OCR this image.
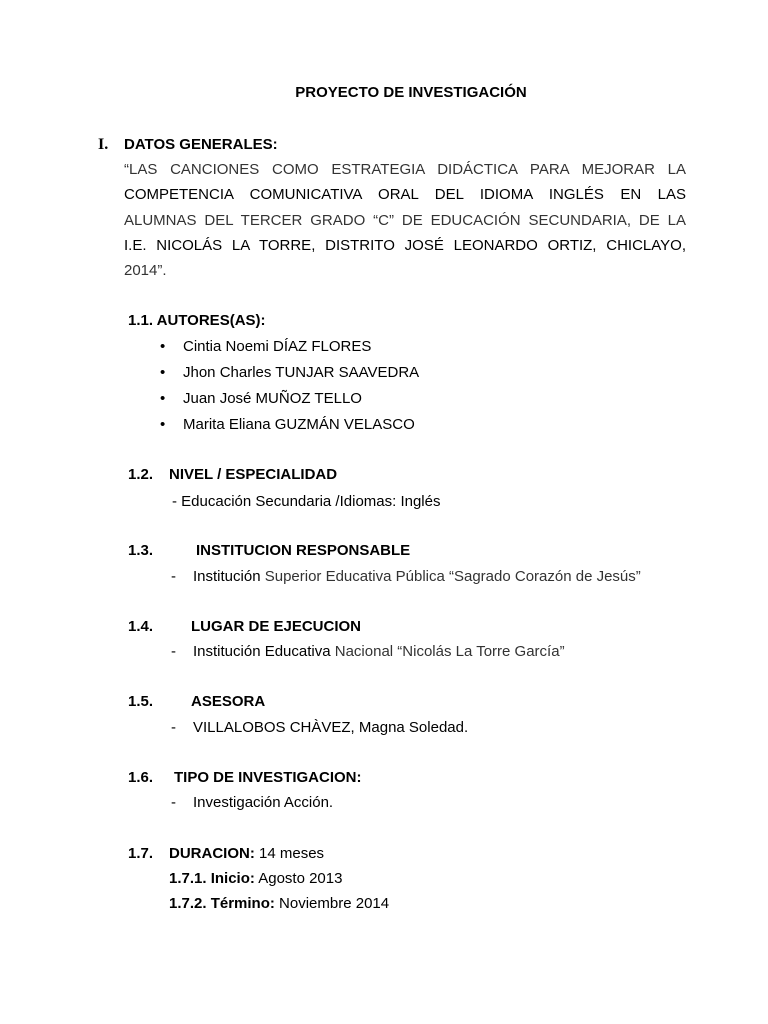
PROYECTO DE INVESTIGACIÓN
I. DATOS GENERALES:
“LAS CANCIONES COMO ESTRATEGIA DIDÁCTICA PARA MEJORAR LA
COMPETENCIA COMUNICATIVA ORAL DEL IDIOMA INGLÉS EN LAS
ALUMNAS DEL TERCER GRADO “C” DE EDUCACIÓN SECUNDARIA, DE LA
I.E. NICOLÁS LA TORRE, DISTRITO JOSÉ LEONARDO ORTIZ, CHICLAYO,
2014”.
1.1. AUTORES(AS):
• Cintia Noemi DÍAZ FLORES
• Jhon Charles TUNJAR SAAVEDRA
• Juan José MUÑOZ TELLO
• Marita Eliana GUZMÁN VELASCO
1.2. NIVEL / ESPECIALIDAD
- Educación Secundaria /Idiomas: Inglés
1.3.	INSTITUCION RESPONSABLE
- Institución Superior Educativa Pública “Sagrado Corazón de Jesús”
1.4.	LUGAR DE EJECUCION
- Institución Educativa Nacional “Nicolás La Torre García”
1.5.	ASESORA
- VILLALOBOS CHÀVEZ, Magna Soledad.
1.6. TIPO DE INVESTIGACION:
- Investigación Acción.
1.7. DURACION: 14 meses
1.7.1. Inicio: Agosto 2013
1.7.2. Término: Noviembre 2014
